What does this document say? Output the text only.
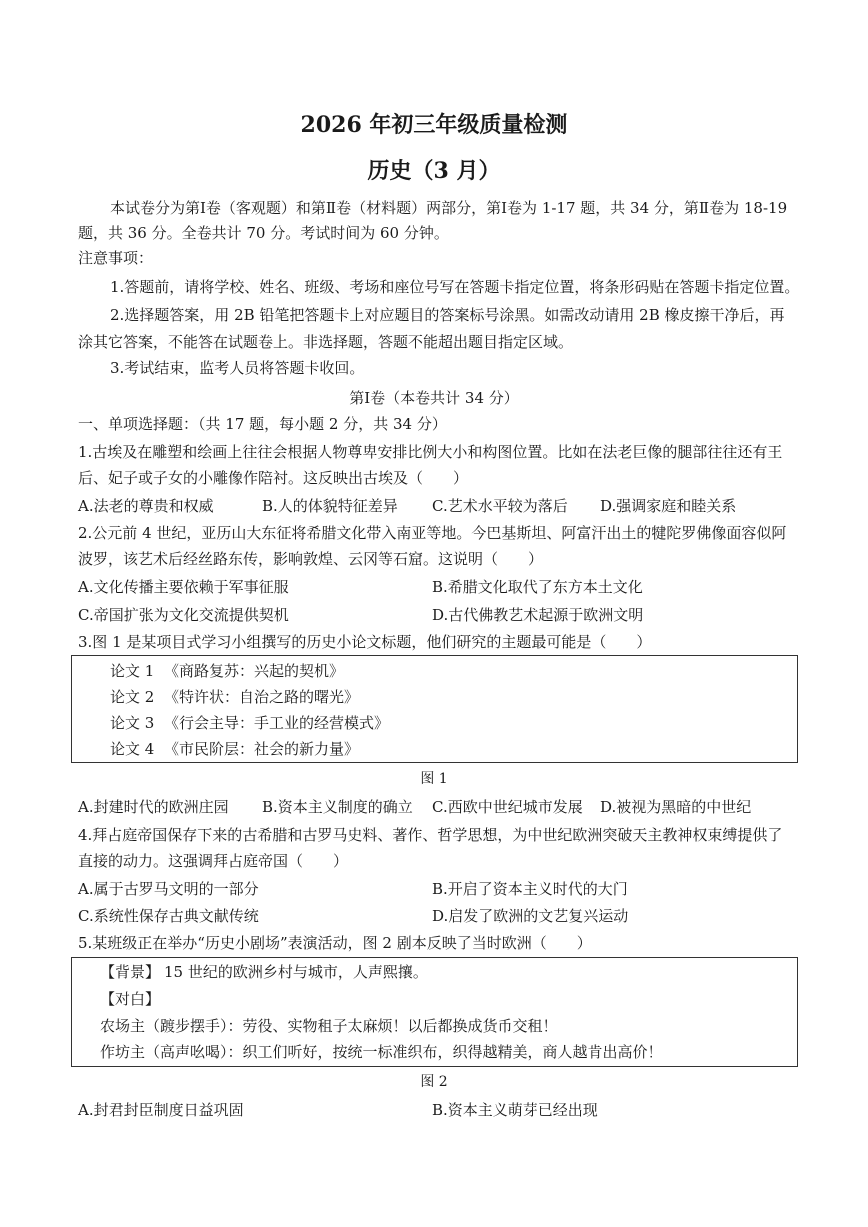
2026 年初三年级质量检测
历史（3 月）
本试卷分为第Ⅰ卷（客观题）和第Ⅱ卷（材料题）两部分，第Ⅰ卷为 1-17 题，共 34 分，第Ⅱ卷为 18-19
题，共 36 分。全卷共计 70 分。考试时间为 60 分钟。
注意事项：
1.答题前，请将学校、姓名、班级、考场和座位号写在答题卡指定位置，将条形码贴在答题卡指定位置。
2.选择题答案，用 2B 铅笔把答题卡上对应题目的答案标号涂黑。如需改动请用 2B 橡皮擦干净后，再
涂其它答案，不能答在试题卷上。非选择题，答题不能超出题目指定区域。
3.考试结束，监考人员将答题卡收回。
第Ⅰ卷（本卷共计 34 分）
一、单项选择题：（共 17 题，每小题 2 分，共 34 分）
1.古埃及在雕塑和绘画上往往会根据人物尊卑安排比例大小和构图位置。比如在法老巨像的腿部往往还有王
后、妃子或子女的小雕像作陪衬。这反映出古埃及（　　）
A.法老的尊贵和权威	B.人的体貌特征差异 C.艺术水平较为落后 D.强调家庭和睦关系
2.公元前 4 世纪，亚历山大东征将希腊文化带入南亚等地。今巴基斯坦、阿富汗出土的犍陀罗佛像面容似阿
波罗，该艺术后经丝路东传，影响敦煌、云冈等石窟。这说明（　　）
A.文化传播主要依赖于军事征服	B.希腊文化取代了东方本土文化
C.帝国扩张为文化交流提供契机	D.古代佛教艺术起源于欧洲文明
3.图 1 是某项目式学习小组撰写的历史小论文标题，他们研究的主题最可能是（　　）
论文 1 《商路复苏：兴起的契机》
论文 2 《特许状：自治之路的曙光》
论文 3 《行会主导：手工业的经营模式》
论文 4 《市民阶层：社会的新力量》
图 1
A.封建时代的欧洲庄园 B.资本主义制度的确立 C.西欧中世纪城市发展 D.被视为黑暗的中世纪
4.拜占庭帝国保存下来的古希腊和古罗马史料、著作、哲学思想，为中世纪欧洲突破天主教神权束缚提供了
直接的动力。这强调拜占庭帝国（　　）
A.属于古罗马文明的一部分	B.开启了资本主义时代的大门
C.系统性保存古典文献传统	D.启发了欧洲的文艺复兴运动
5.某班级正在举办“历史小剧场”表演活动，图 2 剧本反映了当时欧洲（　　）
【背景】 15 世纪的欧洲乡村与城市，人声熙攘。
【对白】
农场主（踱步摆手）：劳役、实物租子太麻烦！以后都换成货币交租！
作坊主（高声吆喝）：织工们听好，按统一标准织布，织得越精美，商人越肯出高价！
图 2
A.封君封臣制度日益巩固	B.资本主义萌芽已经出现
